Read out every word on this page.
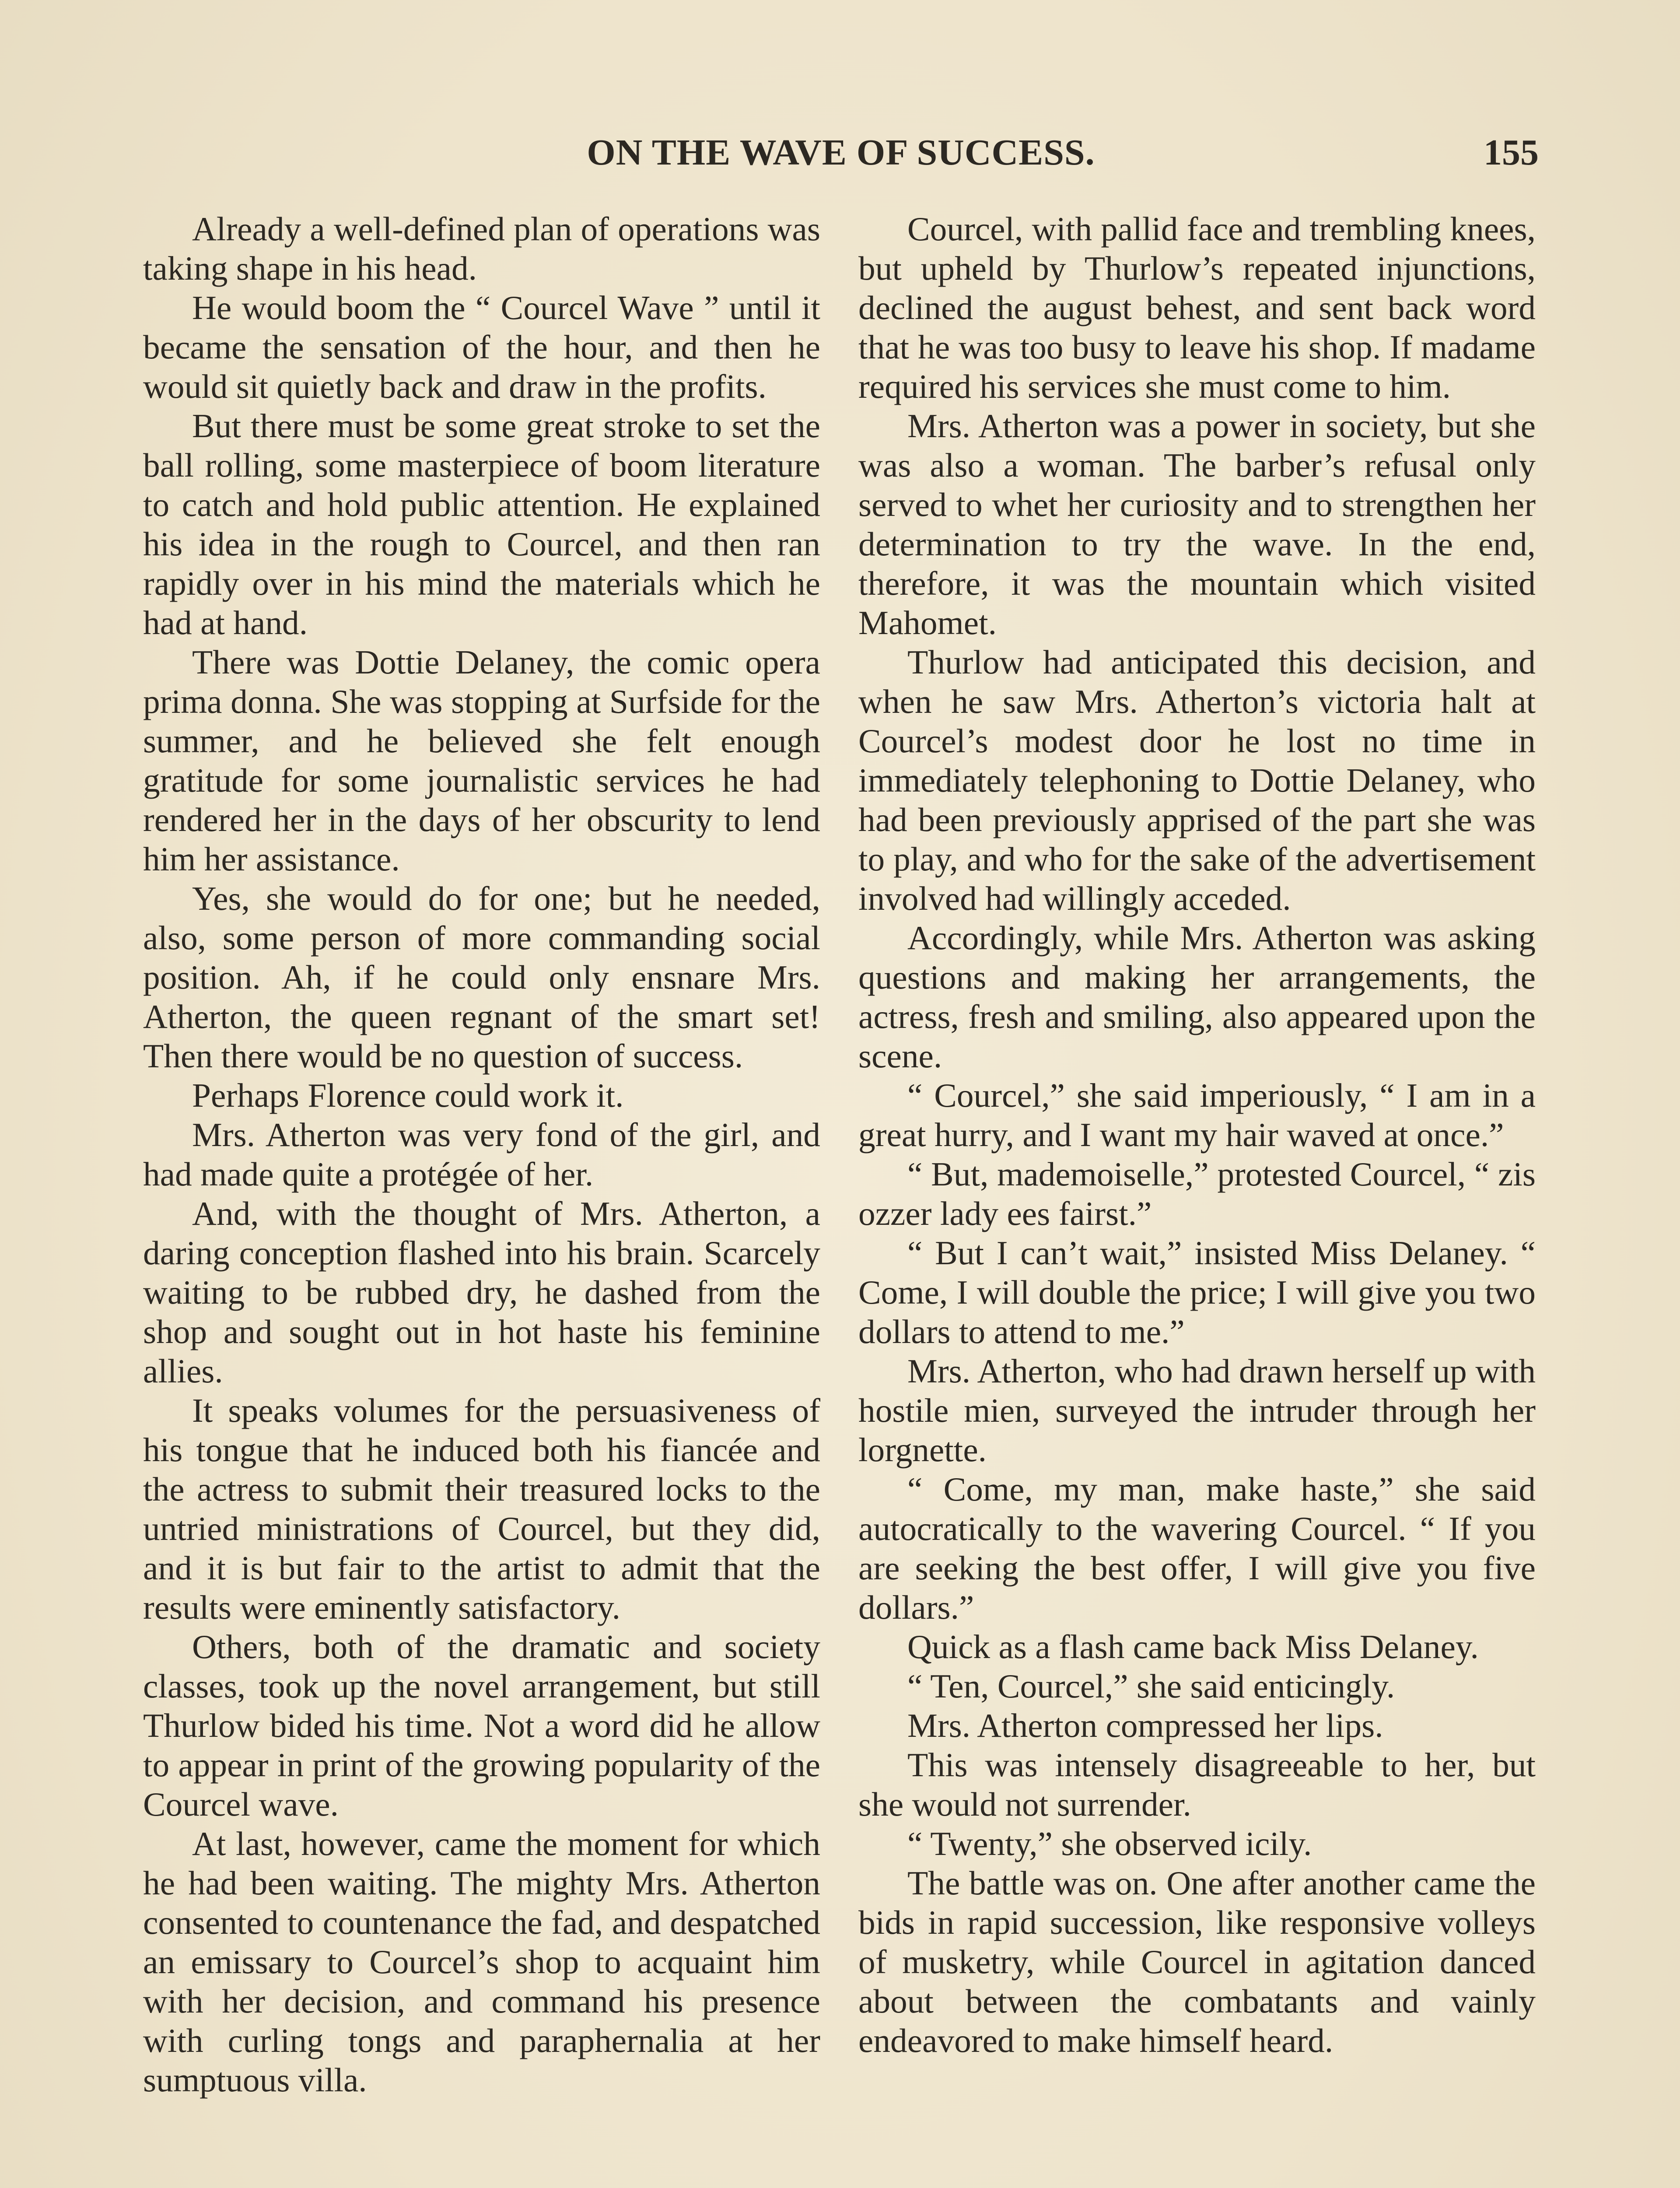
ON THE WAVE OF SUCCESS.	155

Already a well-defined plan of operations was taking shape in his head.

He would boom the “ Courcel Wave ” until it became the sensation of the hour, and then he would sit quietly back and draw in the profits.

But there must be some great stroke to set the ball rolling, some masterpiece of boom literature to catch and hold public attention. He explained his idea in the rough to Courcel, and then ran rapidly over in his mind the materials which he had at hand.

There was Dottie Delaney, the comic opera prima donna. She was stopping at Surfside for the summer, and he believed she felt enough gratitude for some journalistic services he had rendered her in the days of her obscurity to lend him her assistance.

Yes, she would do for one; but he needed, also, some person of more commanding social position. Ah, if he could only ensnare Mrs. Atherton, the queen regnant of the smart set! Then there would be no question of success.

Perhaps Florence could work it.

Mrs. Atherton was very fond of the girl, and had made quite a protégée of her.

And, with the thought of Mrs. Atherton, a daring conception flashed into his brain. Scarcely waiting to be rubbed dry, he dashed from the shop and sought out in hot haste his feminine allies.

It speaks volumes for the persuasiveness of his tongue that he induced both his fiancée and the actress to submit their treasured locks to the untried ministrations of Courcel, but they did, and it is but fair to the artist to admit that the results were eminently satisfactory.

Others, both of the dramatic and society classes, took up the novel arrangement, but still Thurlow bided his time. Not a word did he allow to appear in print of the growing popularity of the Courcel wave.

At last, however, came the moment for which he had been waiting. The mighty Mrs. Atherton consented to countenance the fad, and despatched an emissary to Courcel’s shop to acquaint him with her decision, and command his presence with curling tongs and paraphernalia at her sumptuous villa.

Courcel, with pallid face and trembling knees, but upheld by Thurlow’s repeated injunctions, declined the august behest, and sent back word that he was too busy to leave his shop. If madame required his services she must come to him.

Mrs. Atherton was a power in society, but she was also a woman. The barber’s refusal only served to whet her curiosity and to strengthen her determination to try the wave. In the end, therefore, it was the mountain which visited Mahomet.

Thurlow had anticipated this decision, and when he saw Mrs. Atherton’s victoria halt at Courcel’s modest door he lost no time in immediately telephoning to Dottie Delaney, who had been previously apprised of the part she was to play, and who for the sake of the advertisement involved had willingly acceded.

Accordingly, while Mrs. Atherton was asking questions and making her arrangements, the actress, fresh and smiling, also appeared upon the scene.

“ Courcel,” she said imperiously, “ I am in a great hurry, and I want my hair waved at once.”

“ But, mademoiselle,” protested Courcel, “ zis ozzer lady ees fairst.”

“ But I can’t wait,” insisted Miss Delaney. “ Come, I will double the price; I will give you two dollars to attend to me.”

Mrs. Atherton, who had drawn herself up with hostile mien, surveyed the intruder through her lorgnette.

“ Come, my man, make haste,” she said autocratically to the wavering Courcel. “ If you are seeking the best offer, I will give you five dollars.”

Quick as a flash came back Miss Delaney.

“ Ten, Courcel,” she said enticingly.

Mrs. Atherton compressed her lips.

This was intensely disagreeable to her, but she would not surrender.

“ Twenty,” she observed icily.

The battle was on. One after another came the bids in rapid succession, like responsive volleys of musketry, while Courcel in agitation danced about between the combatants and vainly endeavored to make himself heard.
